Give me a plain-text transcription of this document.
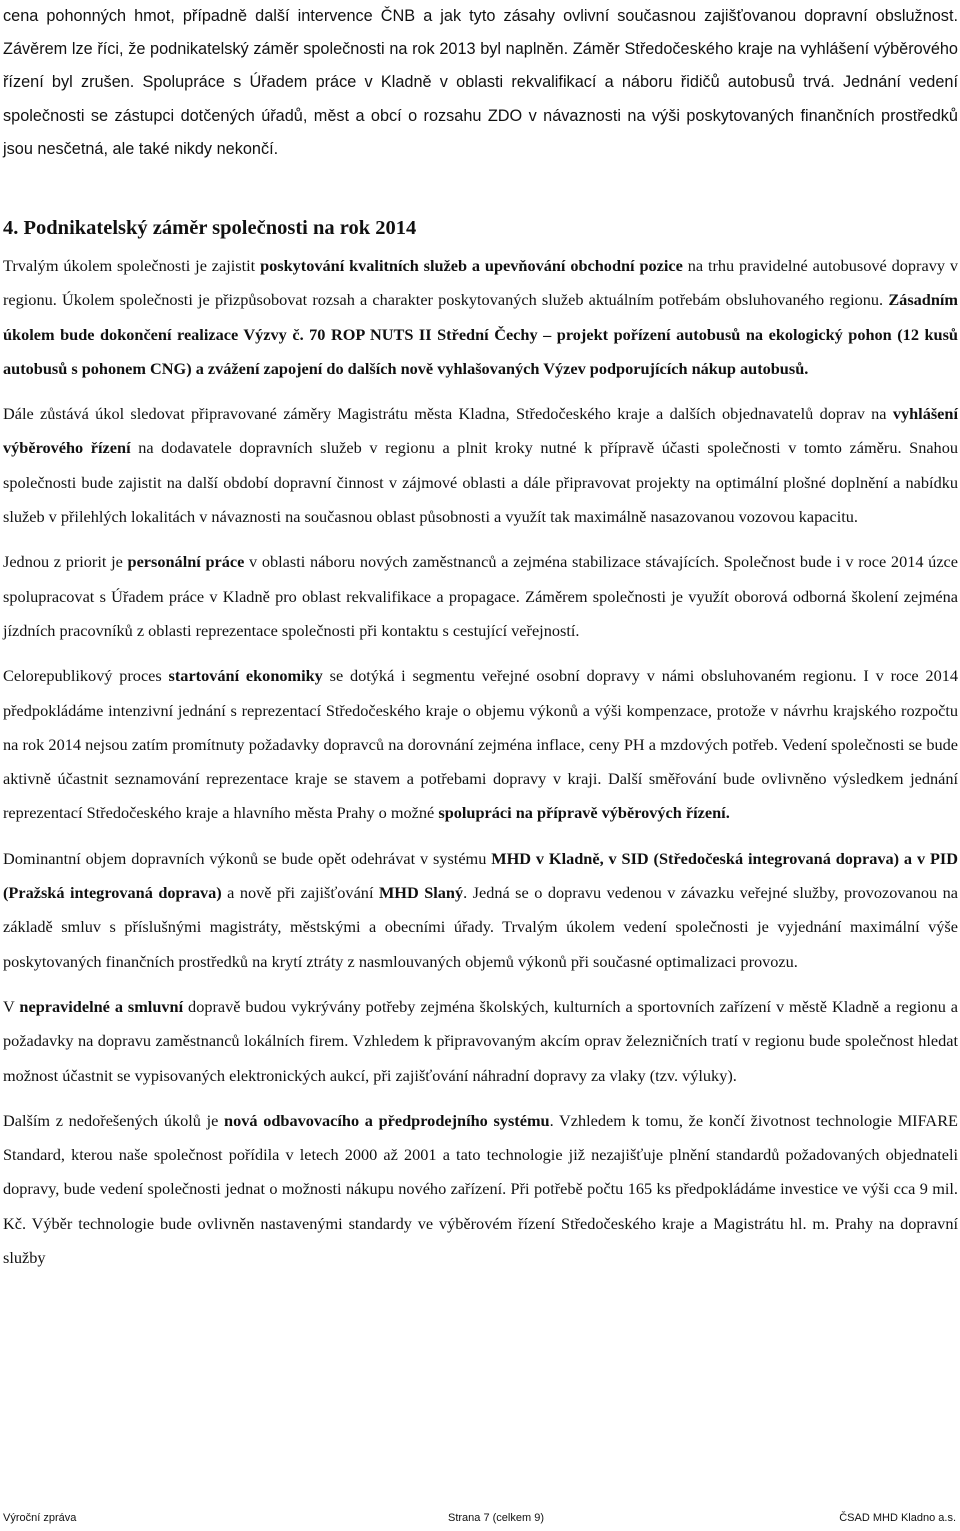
cena pohonných hmot, případně další intervence ČNB a jak tyto zásahy ovlivní současnou zajišťovanou dopravní obslužnost. Závěrem lze říci, že podnikatelský záměr společnosti na rok 2013 byl naplněn. Záměr Středočeského kraje na vyhlášení výběrového řízení byl zrušen. Spolupráce s Úřadem práce v Kladně v oblasti rekvalifikací a náboru řidičů autobusů trvá. Jednání vedení společnosti se zástupci dotčených úřadů, měst a obcí o rozsahu ZDO v návaznosti na výši poskytovaných finančních prostředků jsou nesčetná, ale také nikdy nekončí.
4. Podnikatelský záměr společnosti na rok 2014

Trvalým úkolem společnosti je zajistit poskytování kvalitních služeb a upevňování obchodní pozice na trhu pravidelné autobusové dopravy v regionu. Úkolem společnosti je přizpůsobovat rozsah a charakter poskytovaných služeb aktuálním potřebám obsluhovaného regionu. Zásadním úkolem bude dokončení realizace Výzvy č. 70 ROP NUTS II Střední Čechy – projekt pořízení autobusů na ekologický pohon (12 kusů autobusů s pohonem CNG) a zvážení zapojení do dalších nově vyhlašovaných Výzev podporujících nákup autobusů.

Dále zůstává úkol sledovat připravované záměry Magistrátu města Kladna, Středočeského kraje a dalších objednavatelů doprav na vyhlášení výběrového řízení na dodavatele dopravních služeb v regionu a plnit kroky nutné k přípravě účasti společnosti v tomto záměru. Snahou společnosti bude zajistit na další období dopravní činnost v zájmové oblasti a dále připravovat projekty na optimální plošné doplnění a nabídku služeb v přilehlých lokalitách v návaznosti na současnou oblast působnosti a využít tak maximálně nasazovanou vozovou kapacitu.

Jednou z priorit je personální práce v oblasti náboru nových zaměstnanců a zejména stabilizace stávajících. Společnost bude i v roce 2014 úzce spolupracovat s Úřadem práce v Kladně pro oblast rekvalifikace a propagace. Záměrem společnosti je využít oborová odborná školení zejména jízdních pracovníků z oblasti reprezentace společnosti při kontaktu s cestující veřejností.

Celorepublikový proces startování ekonomiky se dotýká i segmentu veřejné osobní dopravy v námi obsluhovaném regionu. I v roce 2014 předpokládáme intenzivní jednání s reprezentací Středočeského kraje o objemu výkonů a výši kompenzace, protože v návrhu krajského rozpočtu na rok 2014 nejsou zatím promítnuty požadavky dopravců na dorovnání zejména inflace, ceny PH a mzdových potřeb. Vedení společnosti se bude aktivně účastnit seznamování reprezentace kraje se stavem a potřebami dopravy v kraji. Další směřování bude ovlivněno výsledkem jednání reprezentací Středočeského kraje a hlavního města Prahy o možné spolupráci na přípravě výběrových řízení.

Dominantní objem dopravních výkonů se bude opět odehrávat v systému MHD v Kladně, v SID (Středočeská integrovaná doprava) a v PID (Pražská integrovaná doprava) a nově při zajišťování MHD Slaný. Jedná se o dopravu vedenou v závazku veřejné služby, provozovanou na základě smluv s příslušnými magistráty, městskými a obecními úřady. Trvalým úkolem vedení společnosti je vyjednání maximální výše poskytovaných finančních prostředků na krytí ztráty z nasmlouvaných objemů výkonů při současné optimalizaci provozu.

V nepravidelné a smluvní dopravě budou vykrývány potřeby zejména školských, kulturních a sportovních zařízení v městě Kladně a regionu a požadavky na dopravu zaměstnanců lokálních firem. Vzhledem k připravovaným akcím oprav železničních tratí v regionu bude společnost hledat možnost účastnit se vypisovaných elektronických aukcí, při zajišťování náhradní dopravy za vlaky (tzv. výluky).

Dalším z nedořešených úkolů je nová odbavovacího a předprodejního systému. Vzhledem k tomu, že končí životnost technologie MIFARE Standard, kterou naše společnost pořídila v letech 2000 až 2001 a tato technologie již nezajišťuje plnění standardů požadovaných objednateli dopravy, bude vedení společnosti jednat o možnosti nákupu nového zařízení. Při potřebě počtu 165 ks předpokládáme investice ve výši cca 9 mil. Kč. Výběr technologie bude ovlivněn nastavenými standardy ve výběrovém řízení Středočeského kraje a Magistrátu hl. m. Prahy na dopravní služby

Výroční zpráva	Strana 7 (celkem 9)	ČSAD MHD Kladno a.s.
